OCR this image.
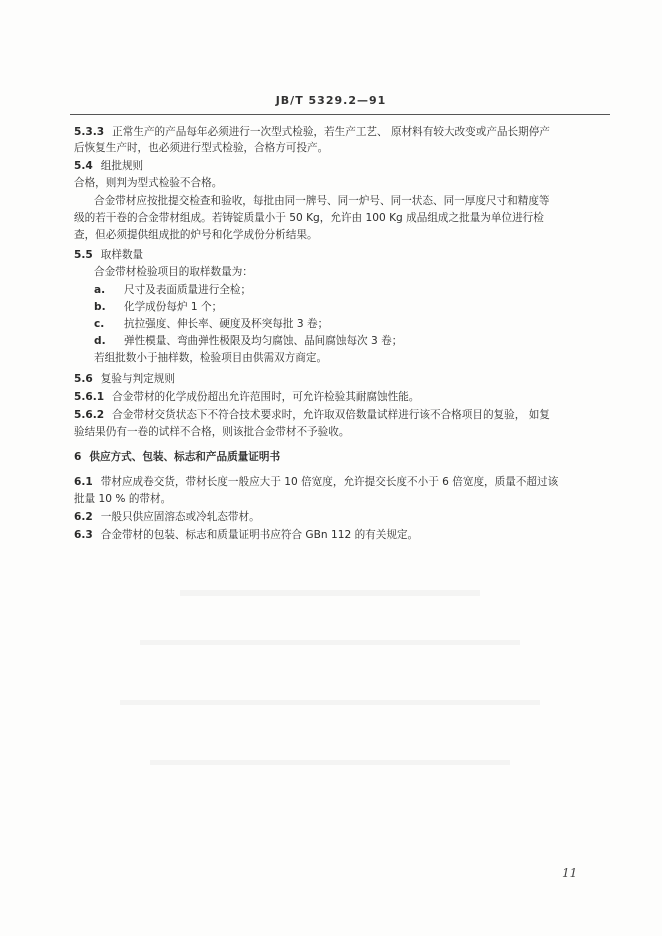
JB/T 5329.2—91
5.3.3 正常生产的产品每年必须进行一次型式检验，若生产工艺、 原材料有较大改变或产品长期停产
后恢复生产时，也必须进行型式检验，合格方可投产。
5.4 组批规则
合格，则判为型式检验不合格。
合金带材应按批提交检查和验收，每批由同一牌号、同一炉号、同一状态、同一厚度尺寸和精度等
级的若干卷的合金带材组成。若铸锭质量小于 50 Kg，允许由 100 Kg 成品组成之批量为单位进行检
查，但必须提供组成批的炉号和化学成份分析结果。
5.5 取样数量
合金带材检验项目的取样数量为：
a. 尺寸及表面质量进行全检；
b. 化学成份每炉 1 个；
c. 抗拉强度、伸长率、硬度及杯突每批 3 卷；
d. 弹性模量、弯曲弹性极限及均匀腐蚀、晶间腐蚀每次 3 卷；
若组批数小于抽样数，检验项目由供需双方商定。
5.6 复验与判定规则
5.6.1 合金带材的化学成份超出允许范围时，可允许检验其耐腐蚀性能。
5.6.2 合金带材交货状态下不符合技术要求时，允许取双倍数量试样进行该不合格项目的复验， 如复
验结果仍有一卷的试样不合格，则该批合金带材不予验收。
6 供应方式、包装、标志和产品质量证明书
6.1 带材应成卷交货，带材长度一般应大于 10 倍宽度，允许提交长度不小于 6 倍宽度，质量不超过该
批量 10 % 的带材。
6.2 一般只供应固溶态或冷轧态带材。
6.3 合金带材的包装、标志和质量证明书应符合 GBn 112 的有关规定。
11
